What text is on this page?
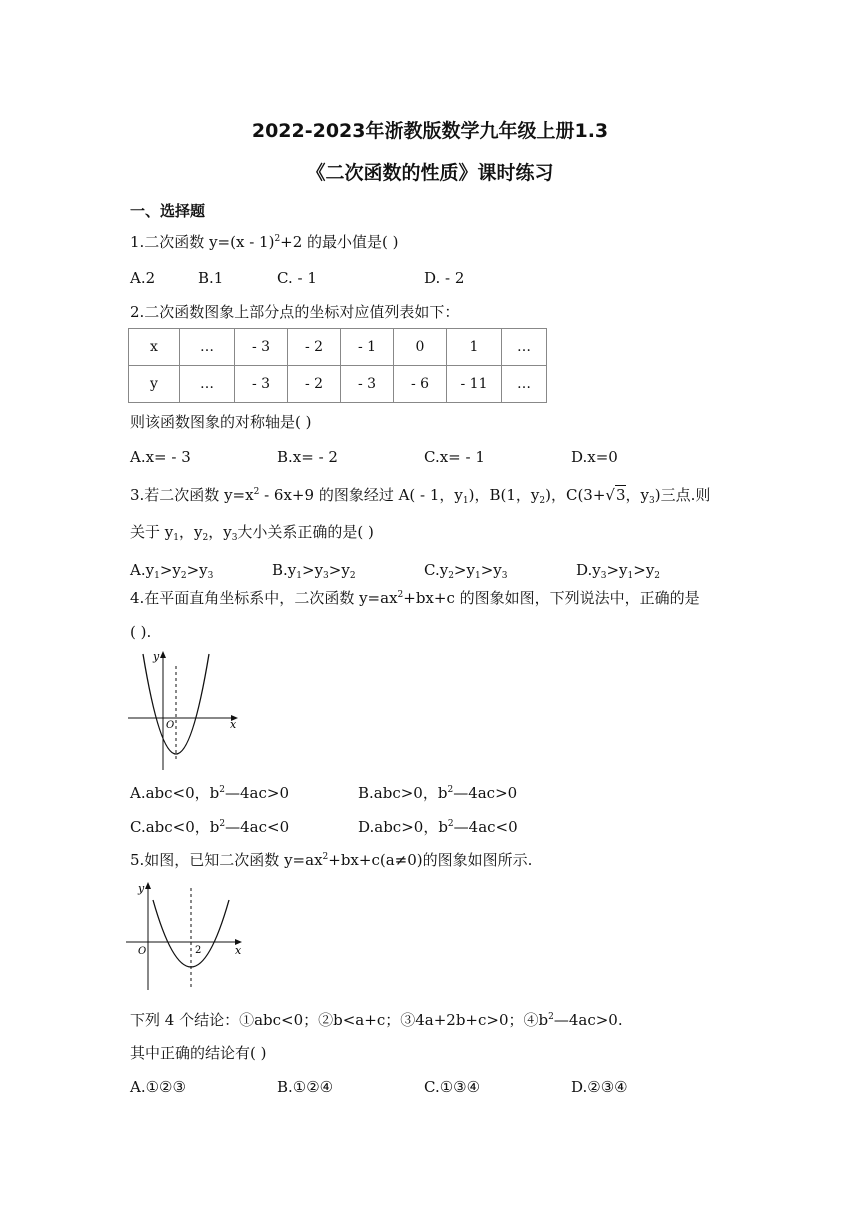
2022-2023年浙教版数学九年级上册1.3
《二次函数的性质》课时练习
一、选择题
1.二次函数 y=(x - 1)$^2$+2 的最小值是( )
A.2	B.1	C. - 1	D. - 2
2.二次函数图象上部分点的坐标对应值列表如下：
x	…	- 3	- 2	- 1	0	1	…
y	…	- 3	- 2	- 3	- 6	- 11	…
则该函数图象的对称轴是( )
A.x= - 3	B.x= - 2	C.x= - 1	D.x=0
3.若二次函数 $y=x^2 - 6x+9$ 的图象经过 A( - 1，$y_1$)，B(1，$y_2$)，C(3+√3，$y_3$)三点.则
关于 $y_1$，$y_2$，$y_3$大小关系正确的是( )
$A.y_1>y_2>y_3$	$B.y_1>y_3>y_2$	$C.y_2>y_1>y_3$	$D.y_3>y_1>y_2$
4.在平面直角坐标系中，二次函数 $y=ax^2+bx+c$ 的图象如图，下列说法中，正确的是
( ).
y
O	x
A.abc<0，$b^2—4ac>0$	B.abc>0，$b^2—4ac>0$
C.abc<0，$b^2—4ac<0$	D.abc>0，$b^2—4ac<0$
5.如图，已知二次函数 $y=ax^2+bx+c(a\ne 0)$的图象如图所示.
y
O	2	x
下列 4 个结论：①abc<0；②b<a+c；③4a+2b+c>0；$④b^2—4ac>0$.
其中正确的结论有( )
A.①②③	B.①②④	C.①③④	D.②③④
